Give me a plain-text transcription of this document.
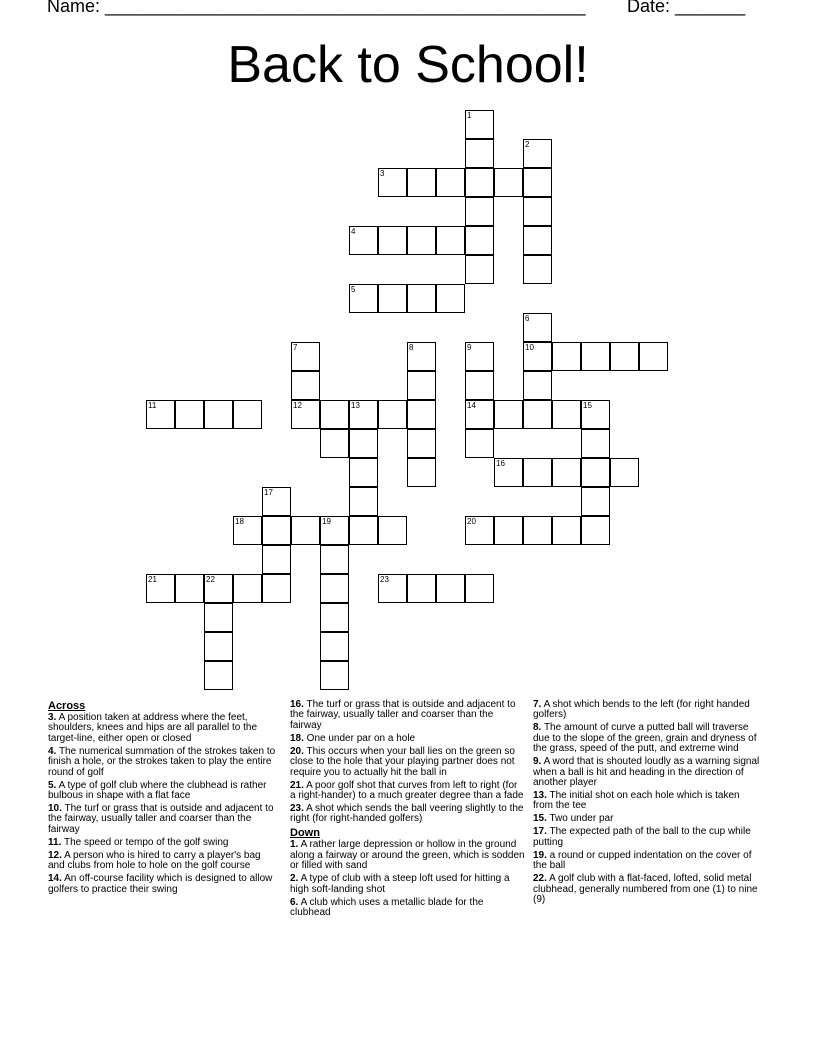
Name: ________________________________________________ Date: _______
Back to School!
1
2
3
4
5
6
7	8	9	10
11	12	13	14	15
16
17
18	19	20
21	22	23
Across
3. A position taken at address where the feet, shoulders, knees and hips are all parallel to the target-line, either open or closed
4. The numerical summation of the strokes taken to finish a hole, or the strokes taken to play the entire round of golf
5. A type of golf club where the clubhead is rather bulbous in shape with a flat face
10. The turf or grass that is outside and adjacent to the fairway, usually taller and coarser than the fairway
11. The speed or tempo of the golf swing
12. A person who is hired to carry a player's bag and clubs from hole to hole on the golf course
14. An off-course facility which is designed to allow golfers to practice their swing
16. The turf or grass that is outside and adjacent to the fairway, usually taller and coarser than the fairway
18. One under par on a hole
20. This occurs when your ball lies on the green so close to the hole that your playing partner does not require you to actually hit the ball in
21. A poor golf shot that curves from left to right (for a right-hander) to a much greater degree than a fade
23. A shot which sends the ball veering slightly to the right (for right-handed golfers)
Down
1. A rather large depression or hollow in the ground along a fairway or around the green, which is sodden or filled with sand
2. A type of club with a steep loft used for hitting a high soft-landing shot
6. A club which uses a metallic blade for the clubhead
7. A shot which bends to the left (for right handed golfers)
8. The amount of curve a putted ball will traverse due to the slope of the green, grain and dryness of the grass, speed of the putt, and extreme wind
9. A word that is shouted loudly as a warning signal when a ball is hit and heading in the direction of another player
13. The initial shot on each hole which is taken from the tee
15. Two under par
17. The expected path of the ball to the cup while putting
19. a round or cupped indentation on the cover of the ball
22. A golf club with a flat-faced, lofted, solid metal clubhead, generally numbered from one (1) to nine (9)
